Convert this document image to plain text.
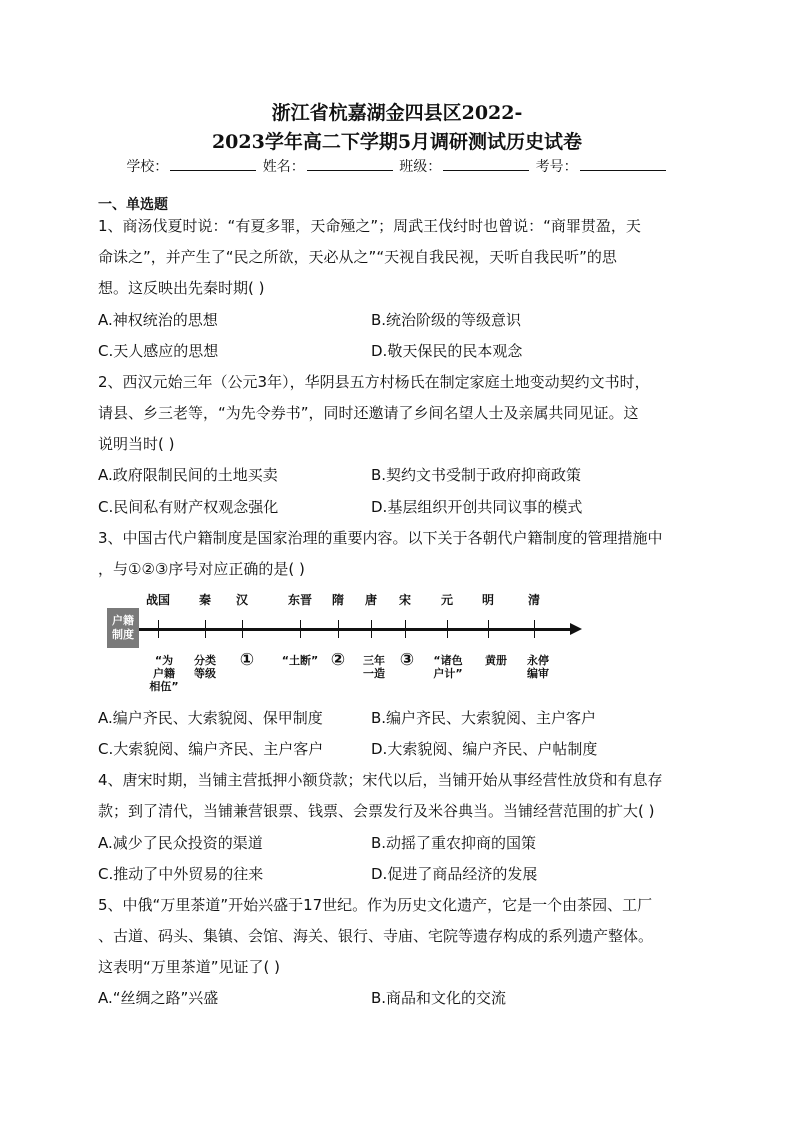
浙江省杭嘉湖金四县区2022-
2023学年高二下学期5月调研测试历史试卷
学校：	姓名：	班级：	考号：
一、单选题
1、商汤伐夏时说：“有夏多罪，天命殛之”；周武王伐纣时也曾说：“商罪贯盈，天
命诛之”，并产生了“民之所欲，天必从之”“天视自我民视，天听自我民听”的思
想。这反映出先秦时期( )
A.神权统治的思想	B.统治阶级的等级意识
C.天人感应的思想	D.敬天保民的民本观念
2、西汉元始三年（公元3年），华阴县五方村杨氏在制定家庭土地变动契约文书时，
请县、乡三老等，“为先令券书”，同时还邀请了乡间名望人士及亲属共同见证。这
说明当时( )
A.政府限制民间的土地买卖	B.契约文书受制于政府抑商政策
C.民间私有财产权观念强化	D.基层组织开创共同议事的模式
3、中国古代户籍制度是国家治理的重要内容。以下关于各朝代户籍制度的管理措施中
，与①②③序号对应正确的是( )
户籍
制度
战国 秦 汉	东晋 隋 唐 宋 元 明	清
“为
户籍
相伍”
分类
等级
①	“土断” ② 三年
一造
③ “诸色
户计”
黄册 永停
编审
A.编户齐民、大索貌阅、保甲制度	B.编户齐民、大索貌阅、主户客户
C.大索貌阅、编户齐民、主户客户	D.大索貌阅、编户齐民、户帖制度
4、唐宋时期，当铺主营抵押小额贷款；宋代以后，当铺开始从事经营性放贷和有息存
款；到了清代，当铺兼营银票、钱票、会票发行及米谷典当。当铺经营范围的扩大( )
A.减少了民众投资的渠道	B.动摇了重农抑商的国策
C.推动了中外贸易的往来	D.促进了商品经济的发展
5、中俄“万里茶道”开始兴盛于17世纪。作为历史文化遗产，它是一个由茶园、工厂
、古道、码头、集镇、会馆、海关、银行、寺庙、宅院等遗存构成的系列遗产整体。
这表明“万里茶道”见证了( )
A.“丝绸之路”兴盛	B.商品和文化的交流
